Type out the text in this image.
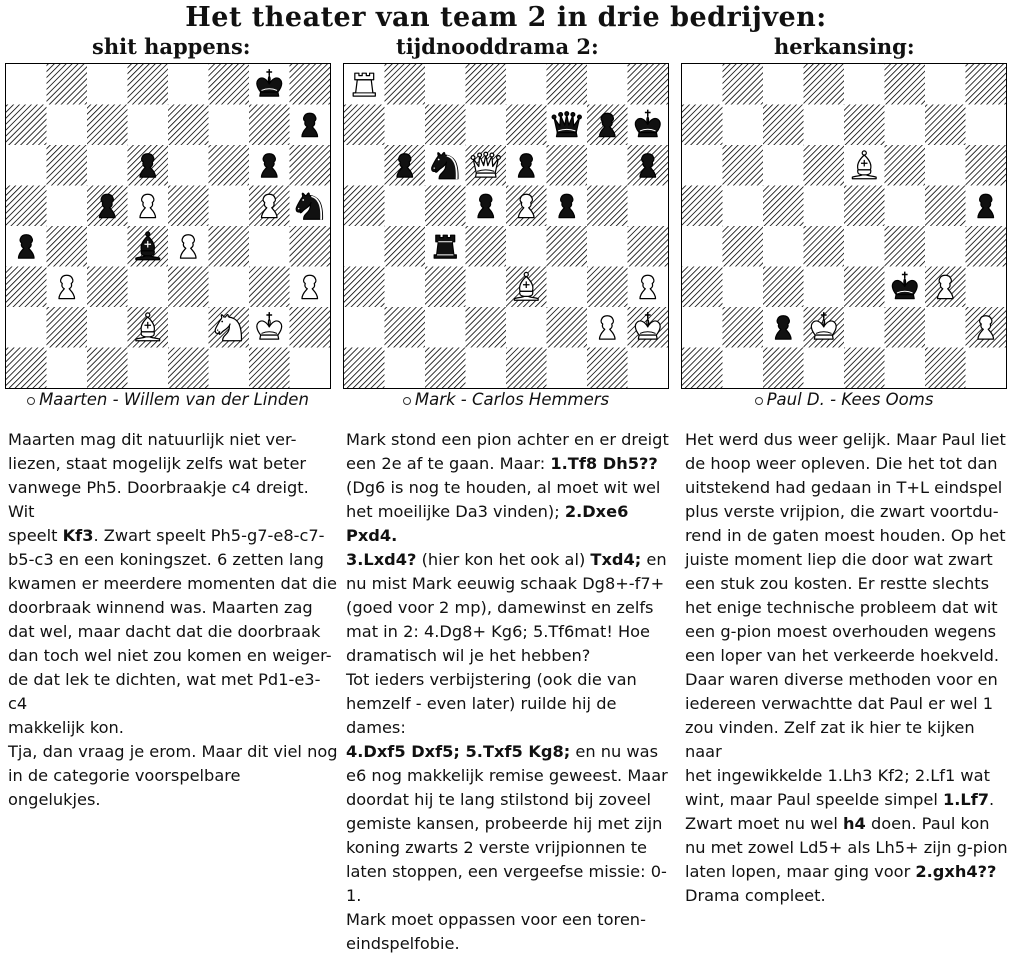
Het theater van team 2 in drie bedrijven:
shit happens:	tijdnooddrama 2:	herkansing:
Maarten - Willem van der Linden	Mark - Carlos Hemmers	Paul D. - Kees Ooms

Maarten mag dit natuurlijk niet ver-
liezen, staat mogelijk zelfs wat beter
vanwege Ph5. Doorbraakje c4 dreigt. Wit
speelt Kf3. Zwart speelt Ph5-g7-e8-c7-
b5-c3 en een koningszet. 6 zetten lang
kwamen er meerdere momenten dat die
doorbraak winnend was. Maarten zag
dat wel, maar dacht dat die doorbraak
dan toch wel niet zou komen en weiger-
de dat lek te dichten, wat met Pd1-e3-c4
makkelijk kon.

Tja, dan vraag je erom. Maar dit viel nog
in de categorie voorspelbare ongelukjes.

Mark stond een pion achter en er dreigt
een 2e af te gaan. Maar: 1.Tf8 Dh5??
(Dg6 is nog te houden, al moet wit wel
het moeilijke Da3 vinden); 2.Dxe6 Pxd4.
3.Lxd4? (hier kon het ook al) Txd4; en
nu mist Mark eeuwig schaak Dg8+-f7+
(goed voor 2 mp), damewinst en zelfs
mat in 2: 4.Dg8+ Kg6; 5.Tf6mat! Hoe
dramatisch wil je het hebben?

Tot ieders verbijstering (ook die van
hemzelf - even later) ruilde hij de dames:
4.Dxf5 Dxf5; 5.Txf5 Kg8; en nu was
e6 nog makkelijk remise geweest. Maar
doordat hij te lang stilstond bij zoveel
gemiste kansen, probeerde hij met zijn
koning zwarts 2 verste vrijpionnen te
laten stoppen, een vergeefse missie: 0-1.
Mark moet oppassen voor een toren-
eindspelfobie.

Het werd dus weer gelijk. Maar Paul liet
de hoop weer opleven. Die het tot dan
uitstekend had gedaan in T+L eindspel
plus verste vrijpion, die zwart voortdu-
rend in de gaten moest houden. Op het
juiste moment liep die door wat zwart
een stuk zou kosten. Er restte slechts
het enige technische probleem dat wit
een g-pion moest overhouden wegens
een loper van het verkeerde hoekveld.
Daar waren diverse methoden voor en
iedereen verwachtte dat Paul er wel 1
zou vinden. Zelf zat ik hier te kijken naar
het ingewikkelde 1.Lh3 Kf2; 2.Lf1 wat
wint, maar Paul speelde simpel 1.Lf7.
Zwart moet nu wel h4 doen. Paul kon
nu met zowel Ld5+ als Lh5+ zijn g-pion
laten lopen, maar ging voor 2.gxh4??
Drama compleet.
